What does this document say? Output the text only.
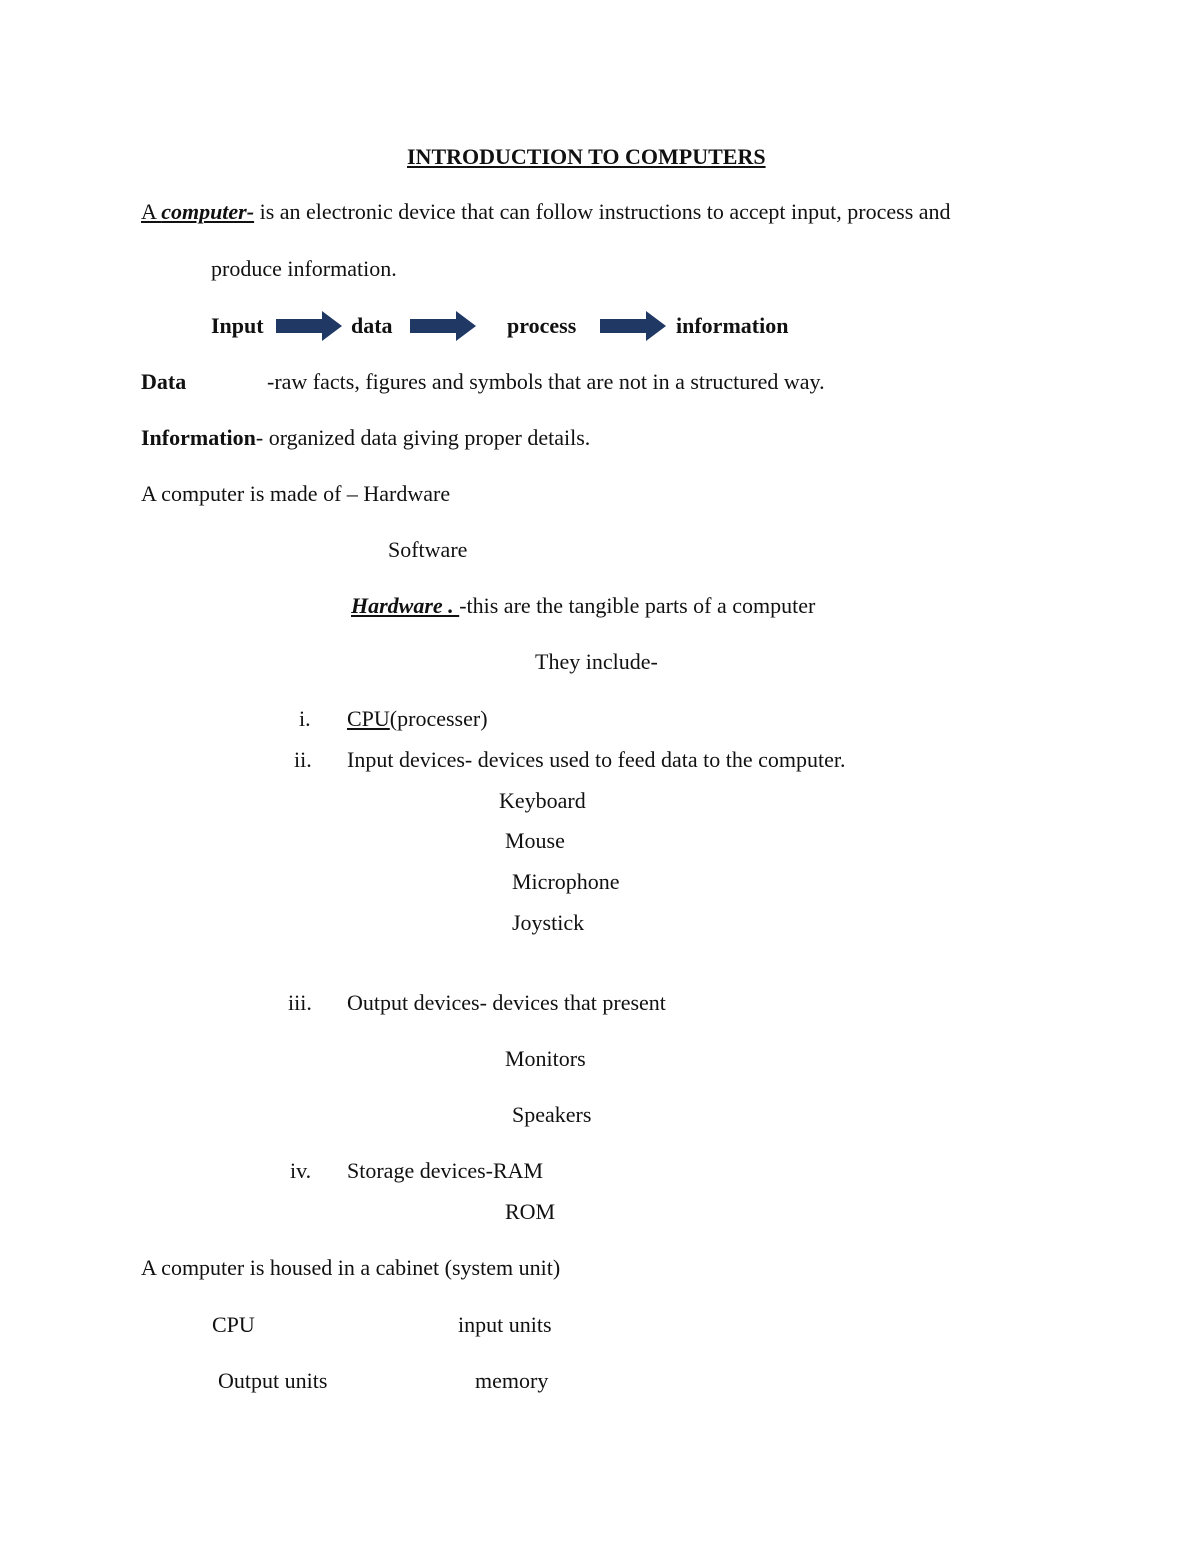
INTRODUCTION TO COMPUTERS
A computer- is an electronic device that can follow instructions to accept input, process and
produce information.
Input	data	process	information
Data	-raw facts, figures and symbols that are not in a structured way.
Information- organized data giving proper details.
A computer is made of – Hardware
Software
Hardware . -this are the tangible parts of a computer
They include-
i. CPU(processer)
ii. Input devices- devices used to feed data to the computer.
Keyboard
Mouse
Microphone
Joystick
iii. Output devices- devices that present
Monitors
Speakers
iv. Storage devices-RAM
ROM
A computer is housed in a cabinet (system unit)
CPU	input units
Output units	memory
